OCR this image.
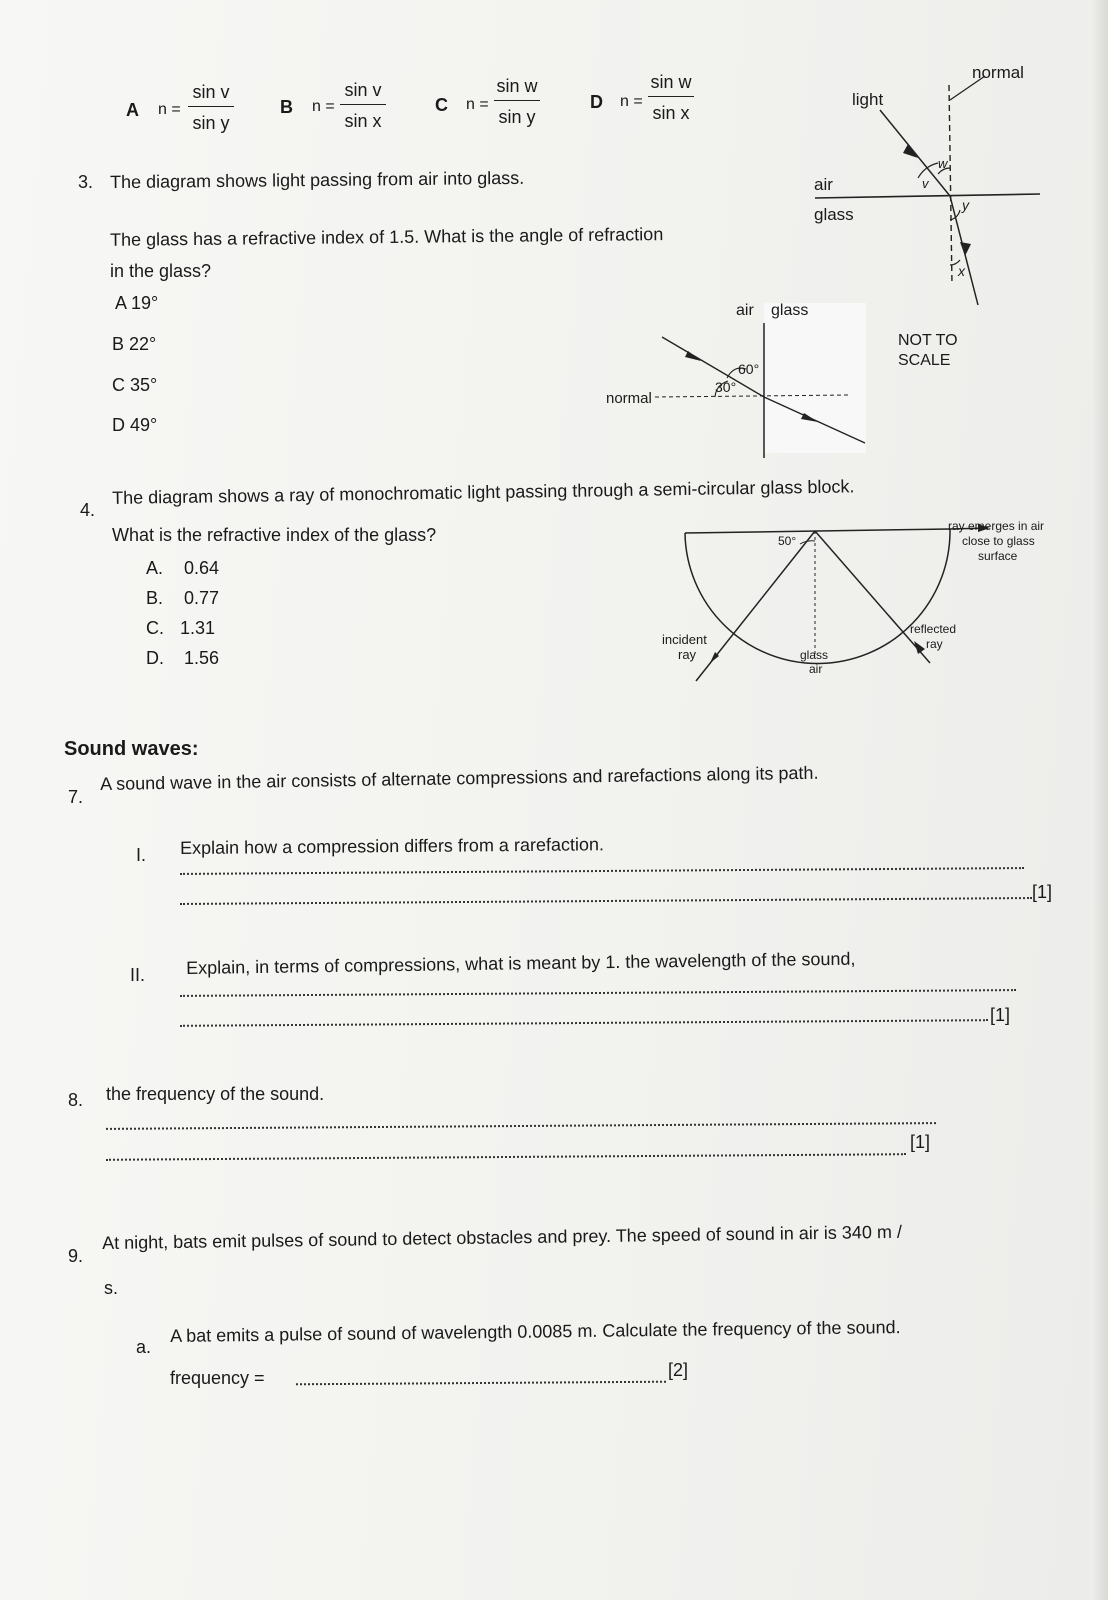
A $n = \frac{\text{sin v}}{\text{sin y}}$	B $n = \frac{\text{sin v}}{\text{sin x}}$	C $n = \frac{\text{sin w}}{\text{sin y}}$	D $n = \frac{\text{sin w}}{\text{sin x}}$	light
normal
air
glass
w
v
y
x
3. The diagram shows light passing from air into glass.
The glass has a refractive index of 1.5. What is the angle of refraction
in the glass?
A 19°
B 22°
C 35°
D 49°
air glass
60°
30°
normal
NOT TO
SCALE
4.
The diagram shows a ray of monochromatic light passing through a semi-circular glass block.
What is the refractive index of the glass?
A. 0.64
B. 0.77
C. 1.31
D. 1.56
50°
incident
ray	glass
air
reflected
ray
ray emerges in air
close to glass
surface
Sound waves:
7.
A sound wave in the air consists of alternate compressions and rarefactions along its path.
I. Explain how a compression differs from a rarefaction.
[1]
II. Explain, in terms of compressions, what is meant by 1. the wavelength of the sound,
[1]
8. the frequency of the sound.
[1]
9.
At night, bats emit pulses of sound to detect obstacles and prey. The speed of sound in air is 340 m /
s.
a.
A bat emits a pulse of sound of wavelength 0.0085 m. Calculate the frequency of the sound.
frequency =	[2]
